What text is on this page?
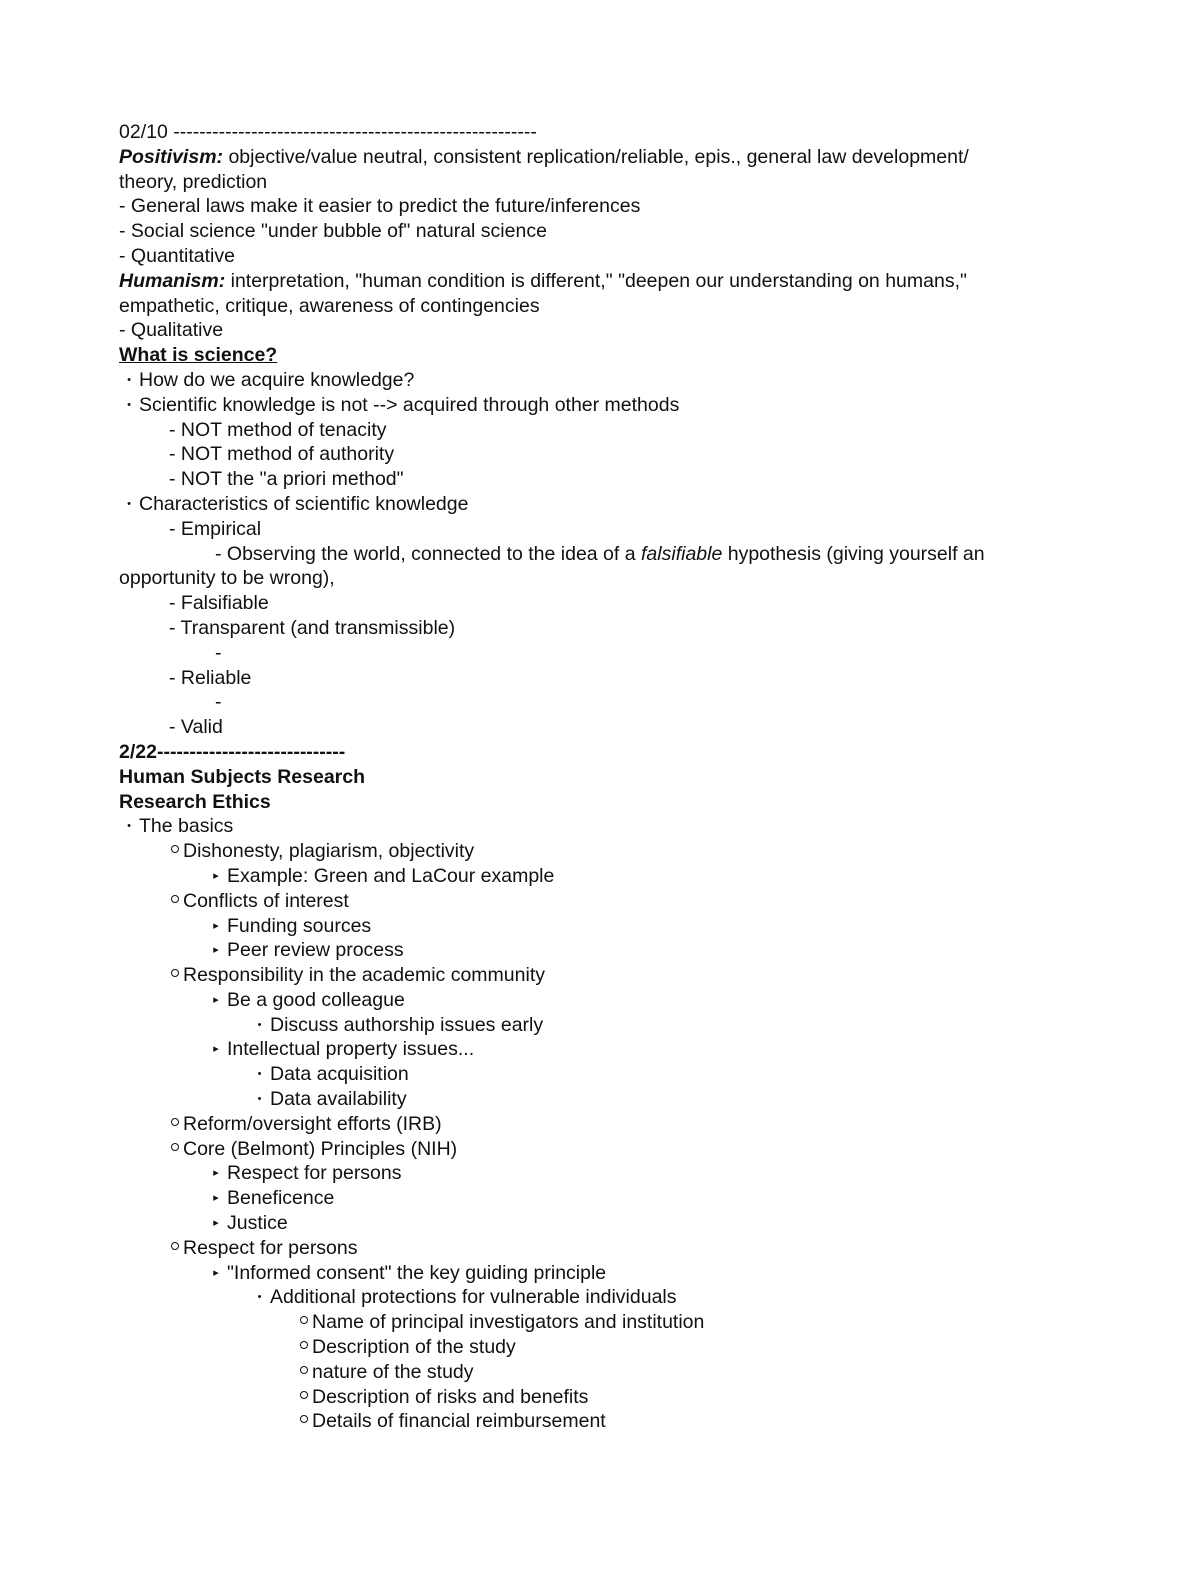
02/10 --------------------------------------------------------
Positivism: objective/value neutral, consistent replication/reliable, epis., general law development/
theory, prediction
- General laws make it easier to predict the future/inferences
- Social science "under bubble of" natural science
- Quantitative
Humanism: interpretation, "human condition is different," "deepen our understanding on humans,"
empathetic, critique, awareness of contingencies
- Qualitative
What is science?
•How do we acquire knowledge?
•Scientific knowledge is not --> acquired through other methods
- NOT method of tenacity
- NOT method of authority
- NOT the "a priori method"
•Characteristics of scientific knowledge
- Empirical
- Observing the world, connected to the idea of a falsifiable hypothesis (giving yourself an
opportunity to be wrong),
- Falsifiable
- Transparent (and transmissible)
-
- Reliable
-
- Valid
2/22-----------------------------
Human Subjects Research
Research Ethics
•The basics
Dishonesty, plagiarism, objectivity
▸Example: Green and LaCour example
Conflicts of interest
▸Funding sources
▸Peer review process
Responsibility in the academic community
▸Be a good colleague
•Discuss authorship issues early
▸Intellectual property issues...
•Data acquisition
•Data availability
Reform/oversight efforts (IRB)
Core (Belmont) Principles (NIH)
▸Respect for persons
▸Beneficence
▸Justice
Respect for persons
▸"Informed consent" the key guiding principle
•Additional protections for vulnerable individuals
Name of principal investigators and institution
Description of the study
nature of the study
Description of risks and benefits
Details of financial reimbursement
